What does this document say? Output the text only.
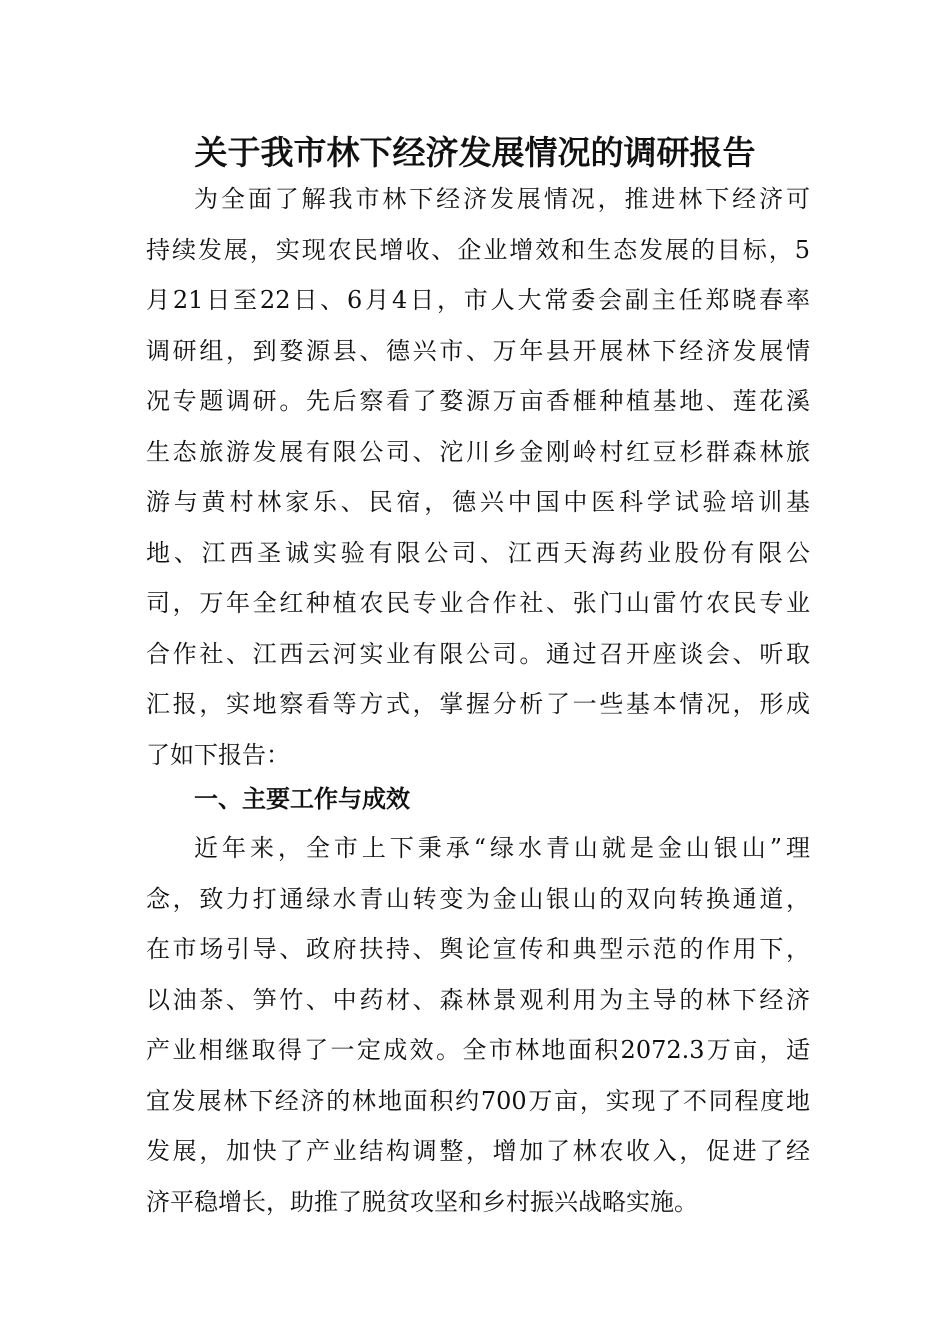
关于我市林下经济发展情况的调研报告
为全面了解我市林下经济发展情况，推进林下经济可
持续发展，实现农民增收、企业增效和生态发展的目标，5
月21日至22日、6月4日，市人大常委会副主任郑晓春率
调研组，到婺源县、德兴市、万年县开展林下经济发展情
况专题调研。先后察看了婺源万亩香榧种植基地、莲花溪
生态旅游发展有限公司、沱川乡金刚岭村红豆杉群森林旅
游与黄村林家乐、民宿，德兴中国中医科学试验培训基
地、江西圣诚实验有限公司、江西天海药业股份有限公
司，万年全红种植农民专业合作社、张门山雷竹农民专业
合作社、江西云河实业有限公司。通过召开座谈会、听取
汇报，实地察看等方式，掌握分析了一些基本情况，形成
了如下报告：
一、主要工作与成效
近年来，全市上下秉承“绿水青山就是金山银山”理
念，致力打通绿水青山转变为金山银山的双向转换通道，
在市场引导、政府扶持、舆论宣传和典型示范的作用下，
以油茶、笋竹、中药材、森林景观利用为主导的林下经济
产业相继取得了一定成效。全市林地面积2072.3万亩，适
宜发展林下经济的林地面积约700万亩，实现了不同程度地
发展，加快了产业结构调整，增加了林农收入，促进了经
济平稳增长，助推了脱贫攻坚和乡村振兴战略实施。
